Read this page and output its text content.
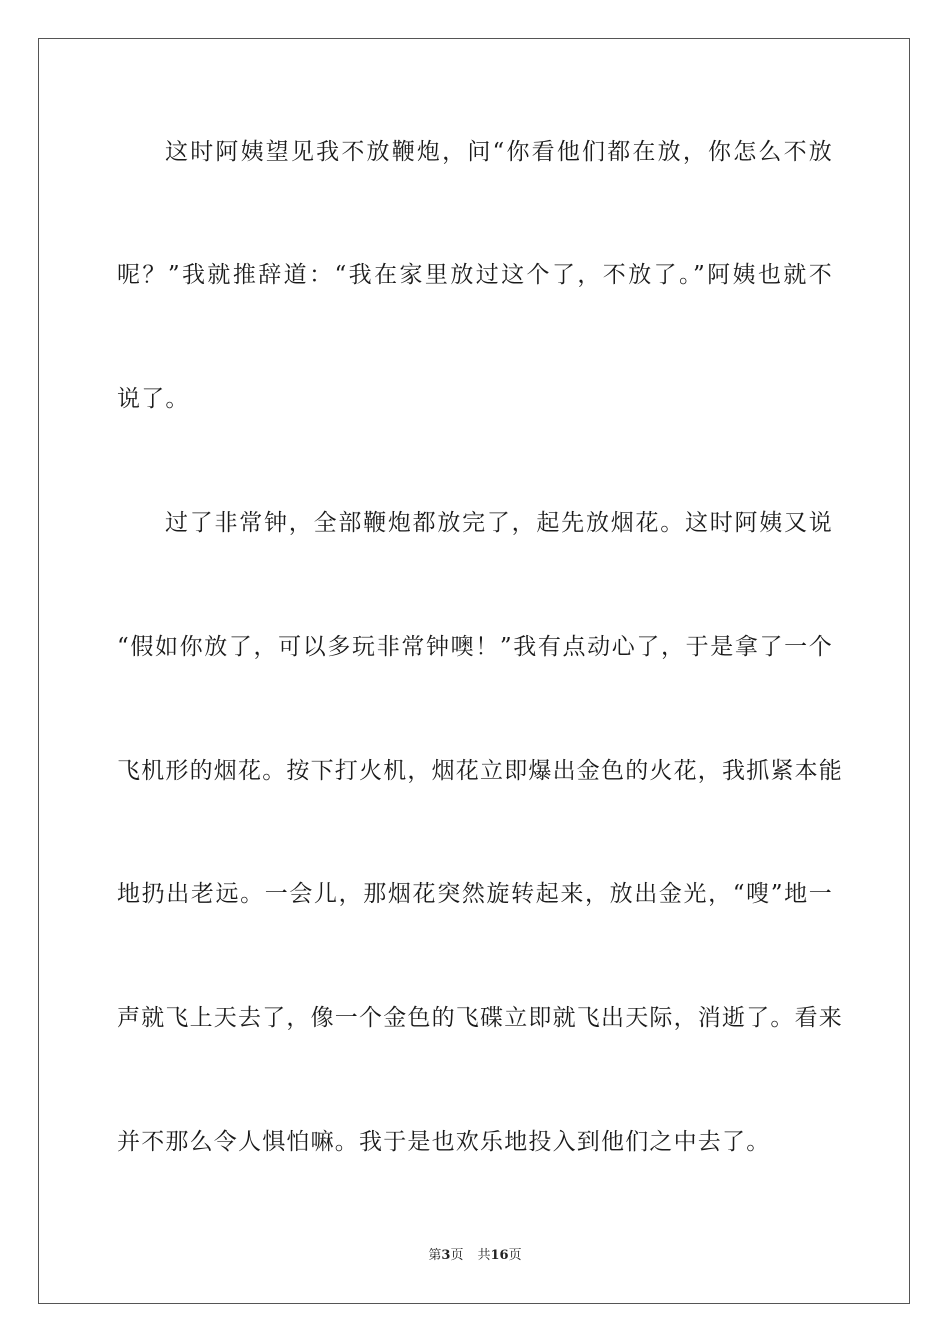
这时阿姨望见我不放鞭炮，问“你看他们都在放，你怎么不放
呢？”我就推辞道：“我在家里放过这个了，不放了。”阿姨也就不
说了。
过了非常钟，全部鞭炮都放完了，起先放烟花。这时阿姨又说
“假如你放了，可以多玩非常钟噢！”我有点动心了，于是拿了一个
飞机形的烟花。按下打火机，烟花立即爆出金色的火花，我抓紧本能
地扔出老远。一会儿，那烟花突然旋转起来，放出金光，“嗖”地一
声就飞上天去了，像一个金色的飞碟立即就飞出天际，消逝了。看来
并不那么令人惧怕嘛。我于是也欢乐地投入到他们之中去了。
第3页 共16页
